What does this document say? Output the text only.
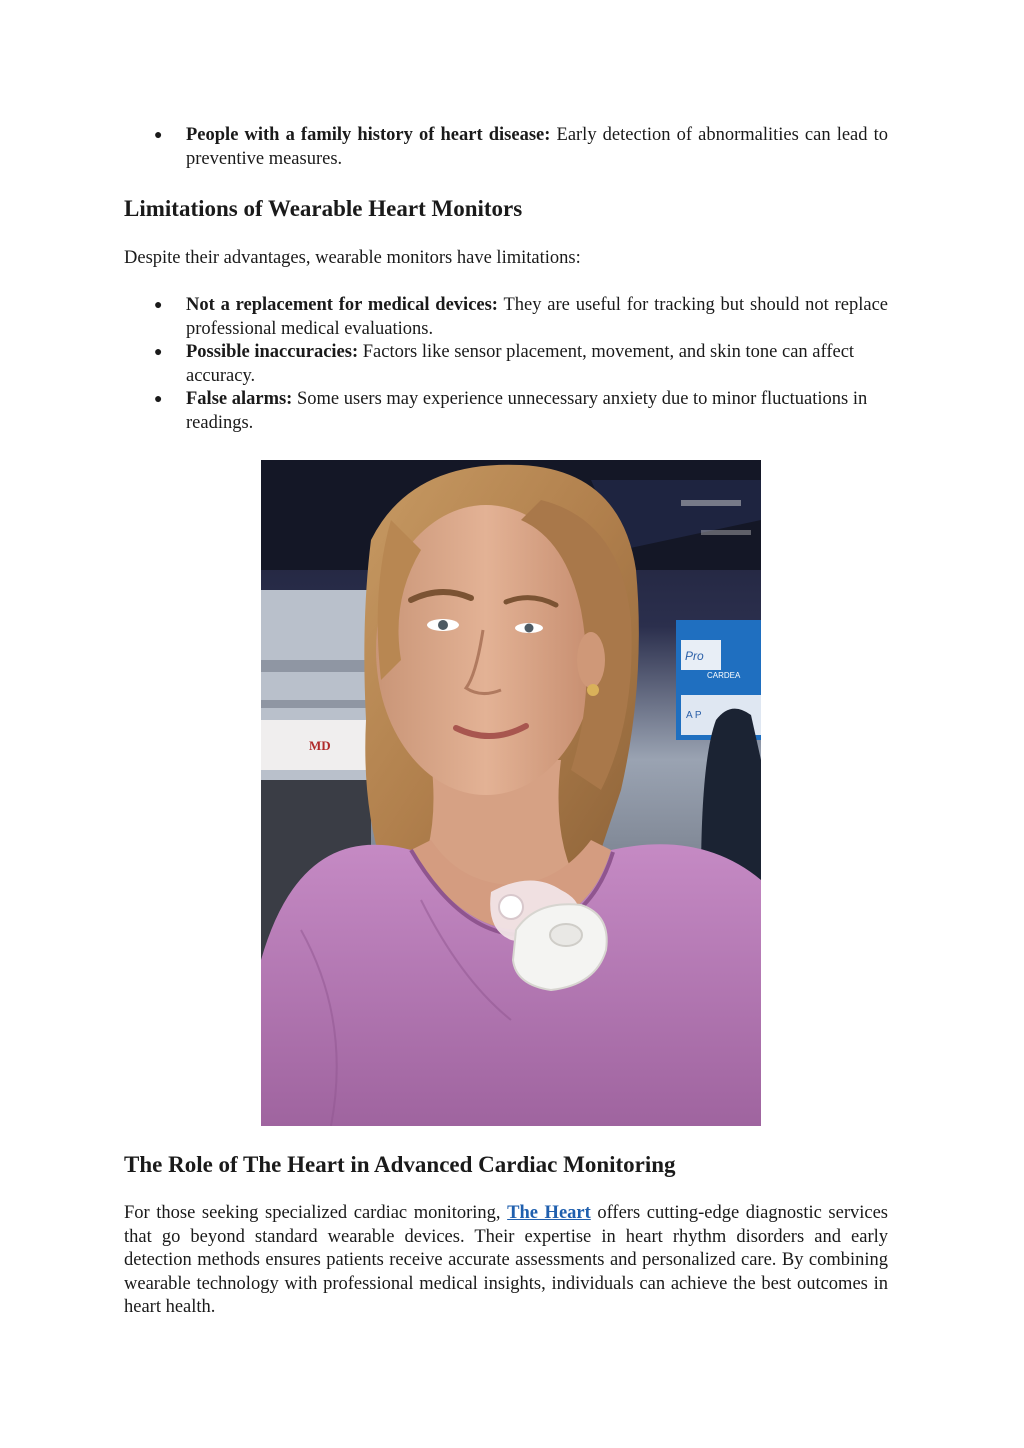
● People with a family history of heart disease: Early detection of abnormalities can lead to preventive measures.
Limitations of Wearable Heart Monitors

Despite their advantages, wearable monitors have limitations:

● Not a replacement for medical devices: They are useful for tracking but should not replace professional medical evaluations.
● Possible inaccuracies: Factors like sensor placement, movement, and skin tone can affect accuracy.
● False alarms: Some users may experience unnecessary anxiety due to minor fluctuations in readings.
MD
Pro
CARDEA
A P
The Role of The Heart in Advanced Cardiac Monitoring

For those seeking specialized cardiac monitoring, The Heart offers cutting-edge diagnostic services that go beyond standard wearable devices. Their expertise in heart rhythm disorders and early detection methods ensures patients receive accurate assessments and personalized care. By combining wearable technology with professional medical insights, individuals can achieve the best outcomes in heart health.
